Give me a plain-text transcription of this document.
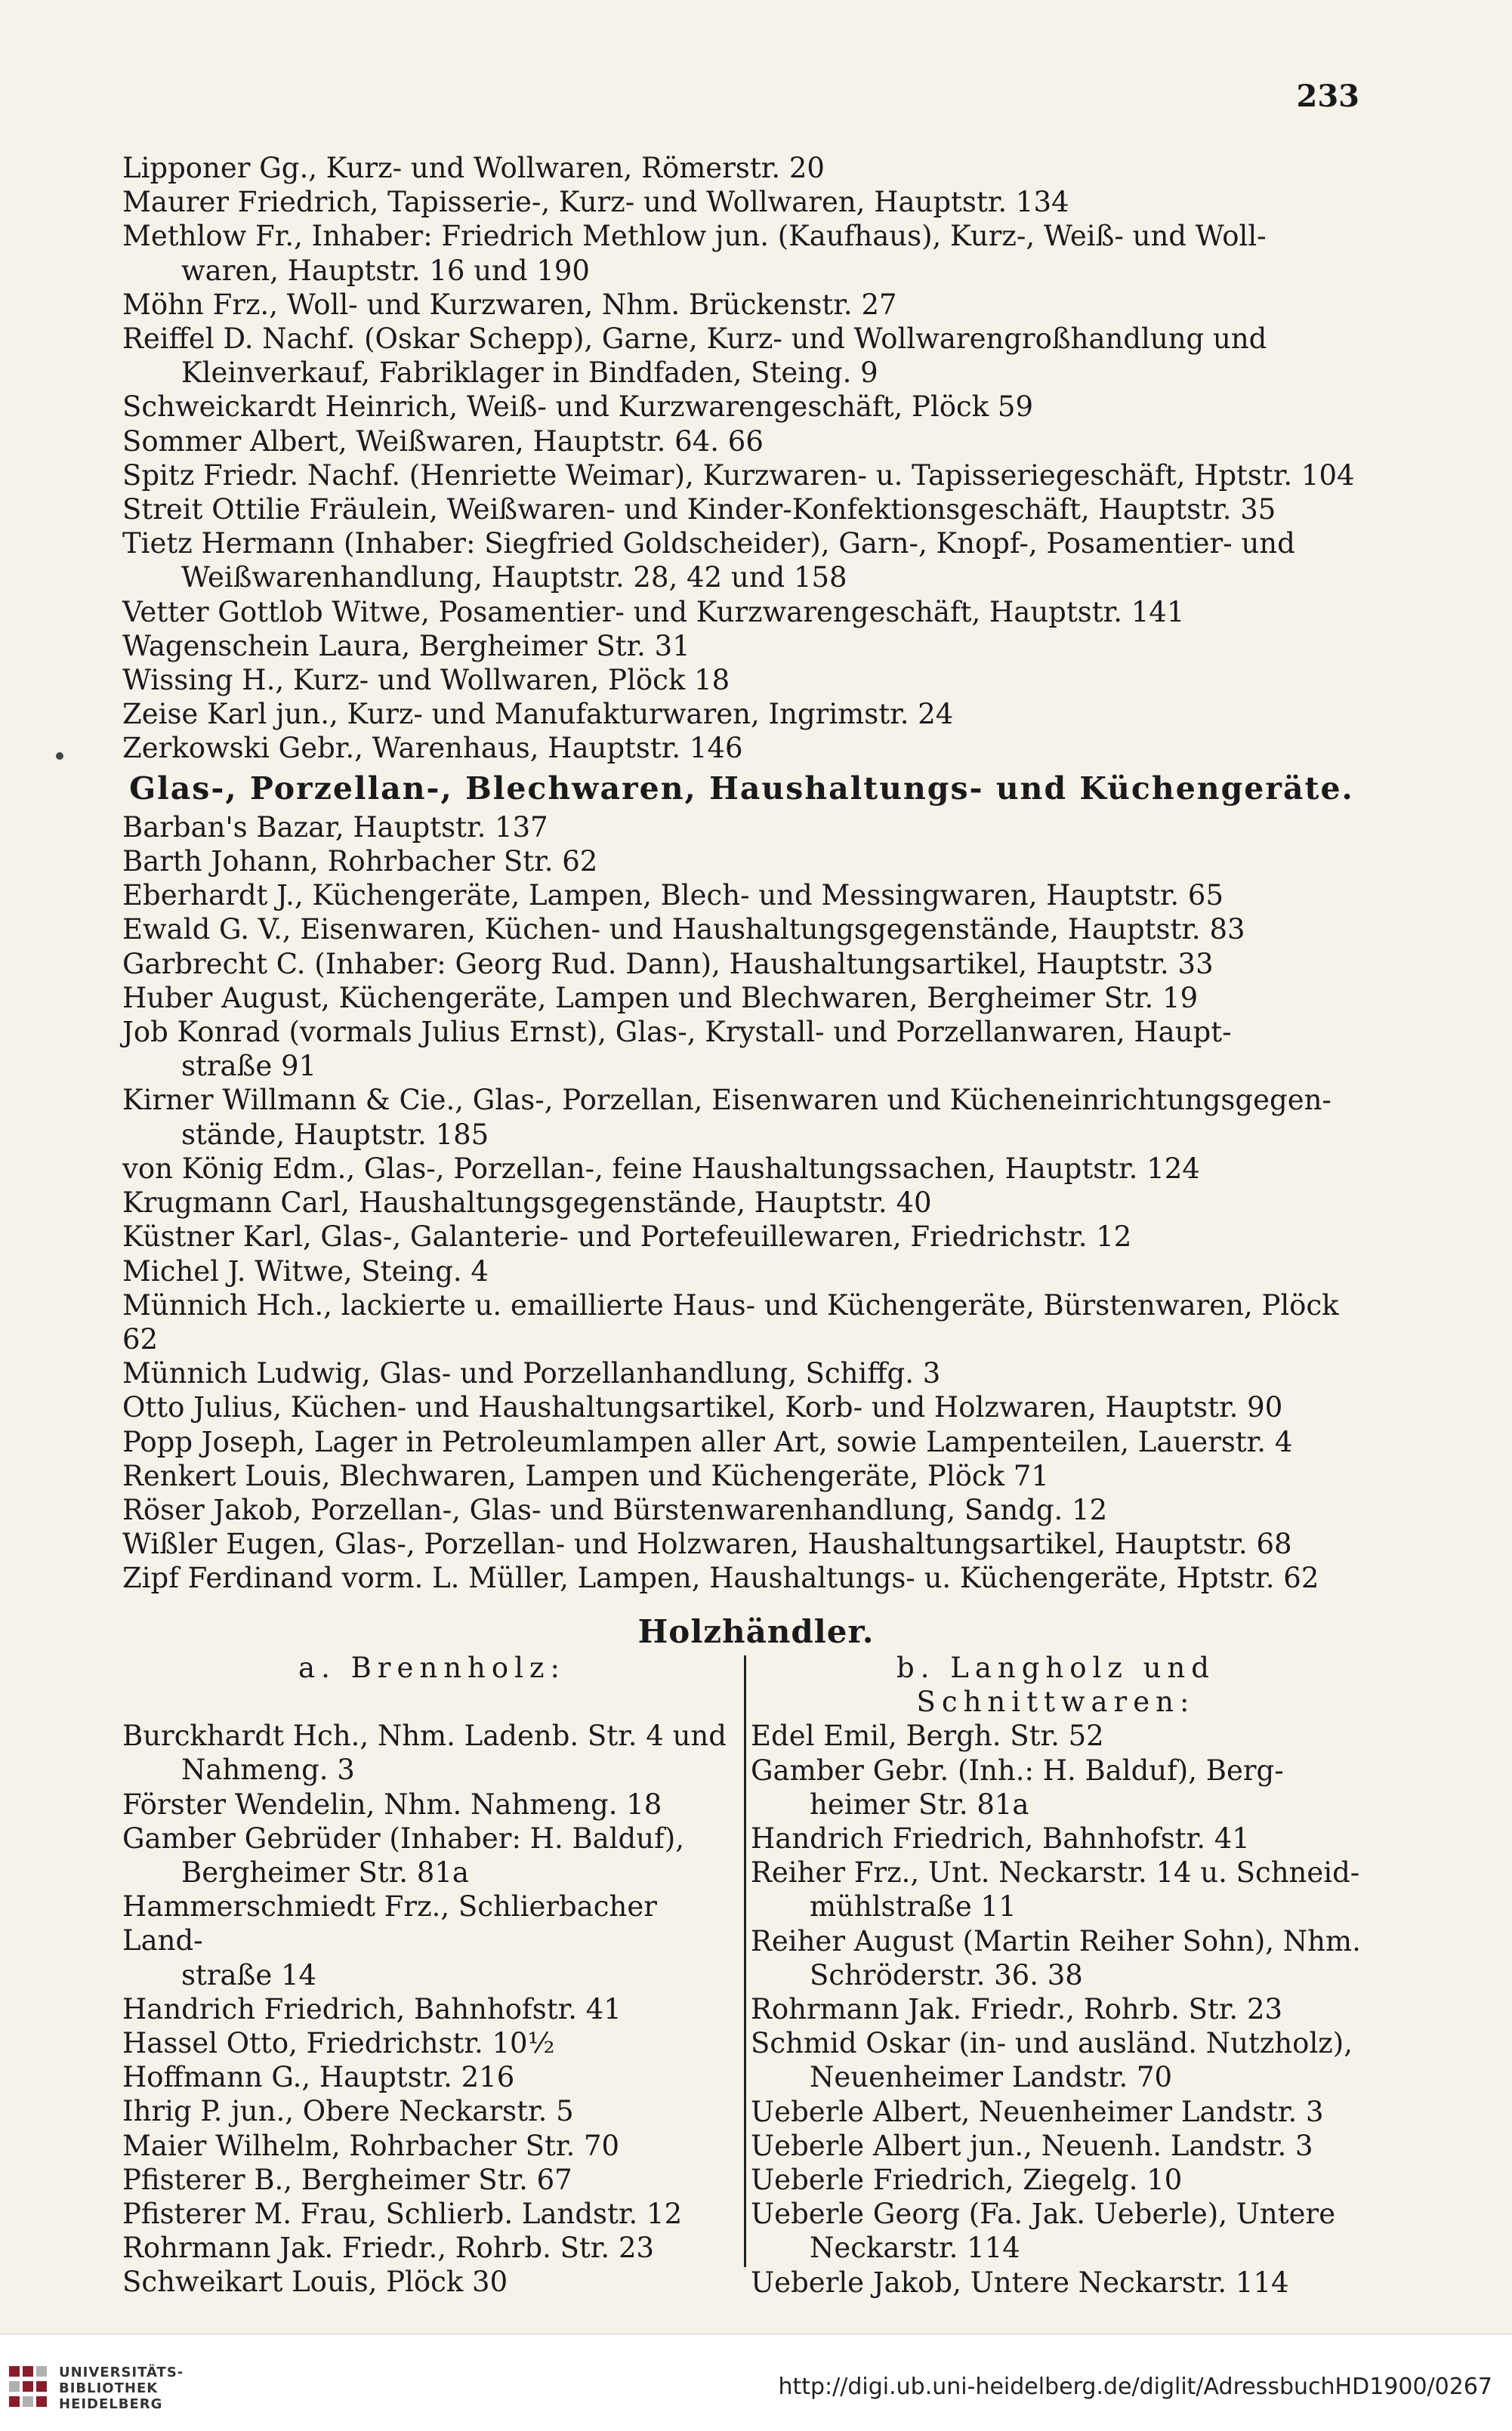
233
Lipponer Gg., Kurz- und Wollwaren, Römerstr. 20
Maurer Friedrich, Tapisserie-, Kurz- und Wollwaren, Hauptstr. 134
Methlow Fr., Inhaber: Friedrich Methlow jun. (Kaufhaus), Kurz-, Weiß- und Woll-
waren, Hauptstr. 16 und 190
Möhn Frz., Woll- und Kurzwaren, Nhm. Brückenstr. 27
Reiffel D. Nachf. (Oskar Schepp), Garne, Kurz- und Wollwarengroßhandlung und
Kleinverkauf, Fabriklager in Bindfaden, Steing. 9
Schweickardt Heinrich, Weiß- und Kurzwarengeschäft, Plöck 59
Sommer Albert, Weißwaren, Hauptstr. 64. 66
Spitz Friedr. Nachf. (Henriette Weimar), Kurzwaren- u. Tapisseriegeschäft, Hptstr. 104
Streit Ottilie Fräulein, Weißwaren- und Kinder-Konfektionsgeschäft, Hauptstr. 35
Tietz Hermann (Inhaber: Siegfried Goldscheider), Garn-, Knopf-, Posamentier- und
Weißwarenhandlung, Hauptstr. 28, 42 und 158
Vetter Gottlob Witwe, Posamentier- und Kurzwarengeschäft, Hauptstr. 141
Wagenschein Laura, Bergheimer Str. 31
Wissing H., Kurz- und Wollwaren, Plöck 18
Zeise Karl jun., Kurz- und Manufakturwaren, Ingrimstr. 24
Zerkowski Gebr., Warenhaus, Hauptstr. 146
Glas-, Porzellan-, Blechwaren, Haushaltungs- und Küchengeräte.
Barban's Bazar, Hauptstr. 137
Barth Johann, Rohrbacher Str. 62
Eberhardt J., Küchengeräte, Lampen, Blech- und Messingwaren, Hauptstr. 65
Ewald G. V., Eisenwaren, Küchen- und Haushaltungsgegenstände, Hauptstr. 83
Garbrecht C. (Inhaber: Georg Rud. Dann), Haushaltungsartikel, Hauptstr. 33
Huber August, Küchengeräte, Lampen und Blechwaren, Bergheimer Str. 19
Job Konrad (vormals Julius Ernst), Glas-, Krystall- und Porzellanwaren, Haupt-
straße 91
Kirner Willmann & Cie., Glas-, Porzellan, Eisenwaren und Kücheneinrichtungsgegen-
stände, Hauptstr. 185
von König Edm., Glas-, Porzellan-, feine Haushaltungssachen, Hauptstr. 124
Krugmann Carl, Haushaltungsgegenstände, Hauptstr. 40
Küstner Karl, Glas-, Galanterie- und Portefeuillewaren, Friedrichstr. 12
Michel J. Witwe, Steing. 4
Münnich Hch., lackierte u. emaillierte Haus- und Küchengeräte, Bürstenwaren, Plöck 62
Münnich Ludwig, Glas- und Porzellanhandlung, Schiffg. 3
Otto Julius, Küchen- und Haushaltungsartikel, Korb- und Holzwaren, Hauptstr. 90
Popp Joseph, Lager in Petroleumlampen aller Art, sowie Lampenteilen, Lauerstr. 4
Renkert Louis, Blechwaren, Lampen und Küchengeräte, Plöck 71
Röser Jakob, Porzellan-, Glas- und Bürstenwarenhandlung, Sandg. 12
Wißler Eugen, Glas-, Porzellan- und Holzwaren, Haushaltungsartikel, Hauptstr. 68
Zipf Ferdinand vorm. L. Müller, Lampen, Haushaltungs- u. Küchengeräte, Hptstr. 62
Holzhändler.
a. Brennholz:
Burckhardt Hch., Nhm. Ladenb. Str. 4 und
Nahmeng. 3
Förster Wendelin, Nhm. Nahmeng. 18
Gamber Gebrüder (Inhaber: H. Balduf),
Bergheimer Str. 81a
Hammerschmiedt Frz., Schlierbacher Land-
straße 14
Handrich Friedrich, Bahnhofstr. 41
Hassel Otto, Friedrichstr. 10½
Hoffmann G., Hauptstr. 216
Ihrig P. jun., Obere Neckarstr. 5
Maier Wilhelm, Rohrbacher Str. 70
Pfisterer B., Bergheimer Str. 67
Pfisterer M. Frau, Schlierb. Landstr. 12
Rohrmann Jak. Friedr., Rohrb. Str. 23
Schweikart Louis, Plöck 30
b. Langholz und Schnittwaren:
Edel Emil, Bergh. Str. 52
Gamber Gebr. (Inh.: H. Balduf), Berg-
heimer Str. 81a
Handrich Friedrich, Bahnhofstr. 41
Reiher Frz., Unt. Neckarstr. 14 u. Schneid-
mühlstraße 11
Reiher August (Martin Reiher Sohn), Nhm.
Schröderstr. 36. 38
Rohrmann Jak. Friedr., Rohrb. Str. 23
Schmid Oskar (in- und ausländ. Nutzholz),
Neuenheimer Landstr. 70
Ueberle Albert, Neuenheimer Landstr. 3
Ueberle Albert jun., Neuenh. Landstr. 3
Ueberle Friedrich, Ziegelg. 10
Ueberle Georg (Fa. Jak. Ueberle), Untere
Neckarstr. 114
Ueberle Jakob, Untere Neckarstr. 114
UNIVERSITÄTS-
BIBLIOTHEK
HEIDELBERG
http://digi.ub.uni-heidelberg.de/diglit/AdressbuchHD1900/0267
